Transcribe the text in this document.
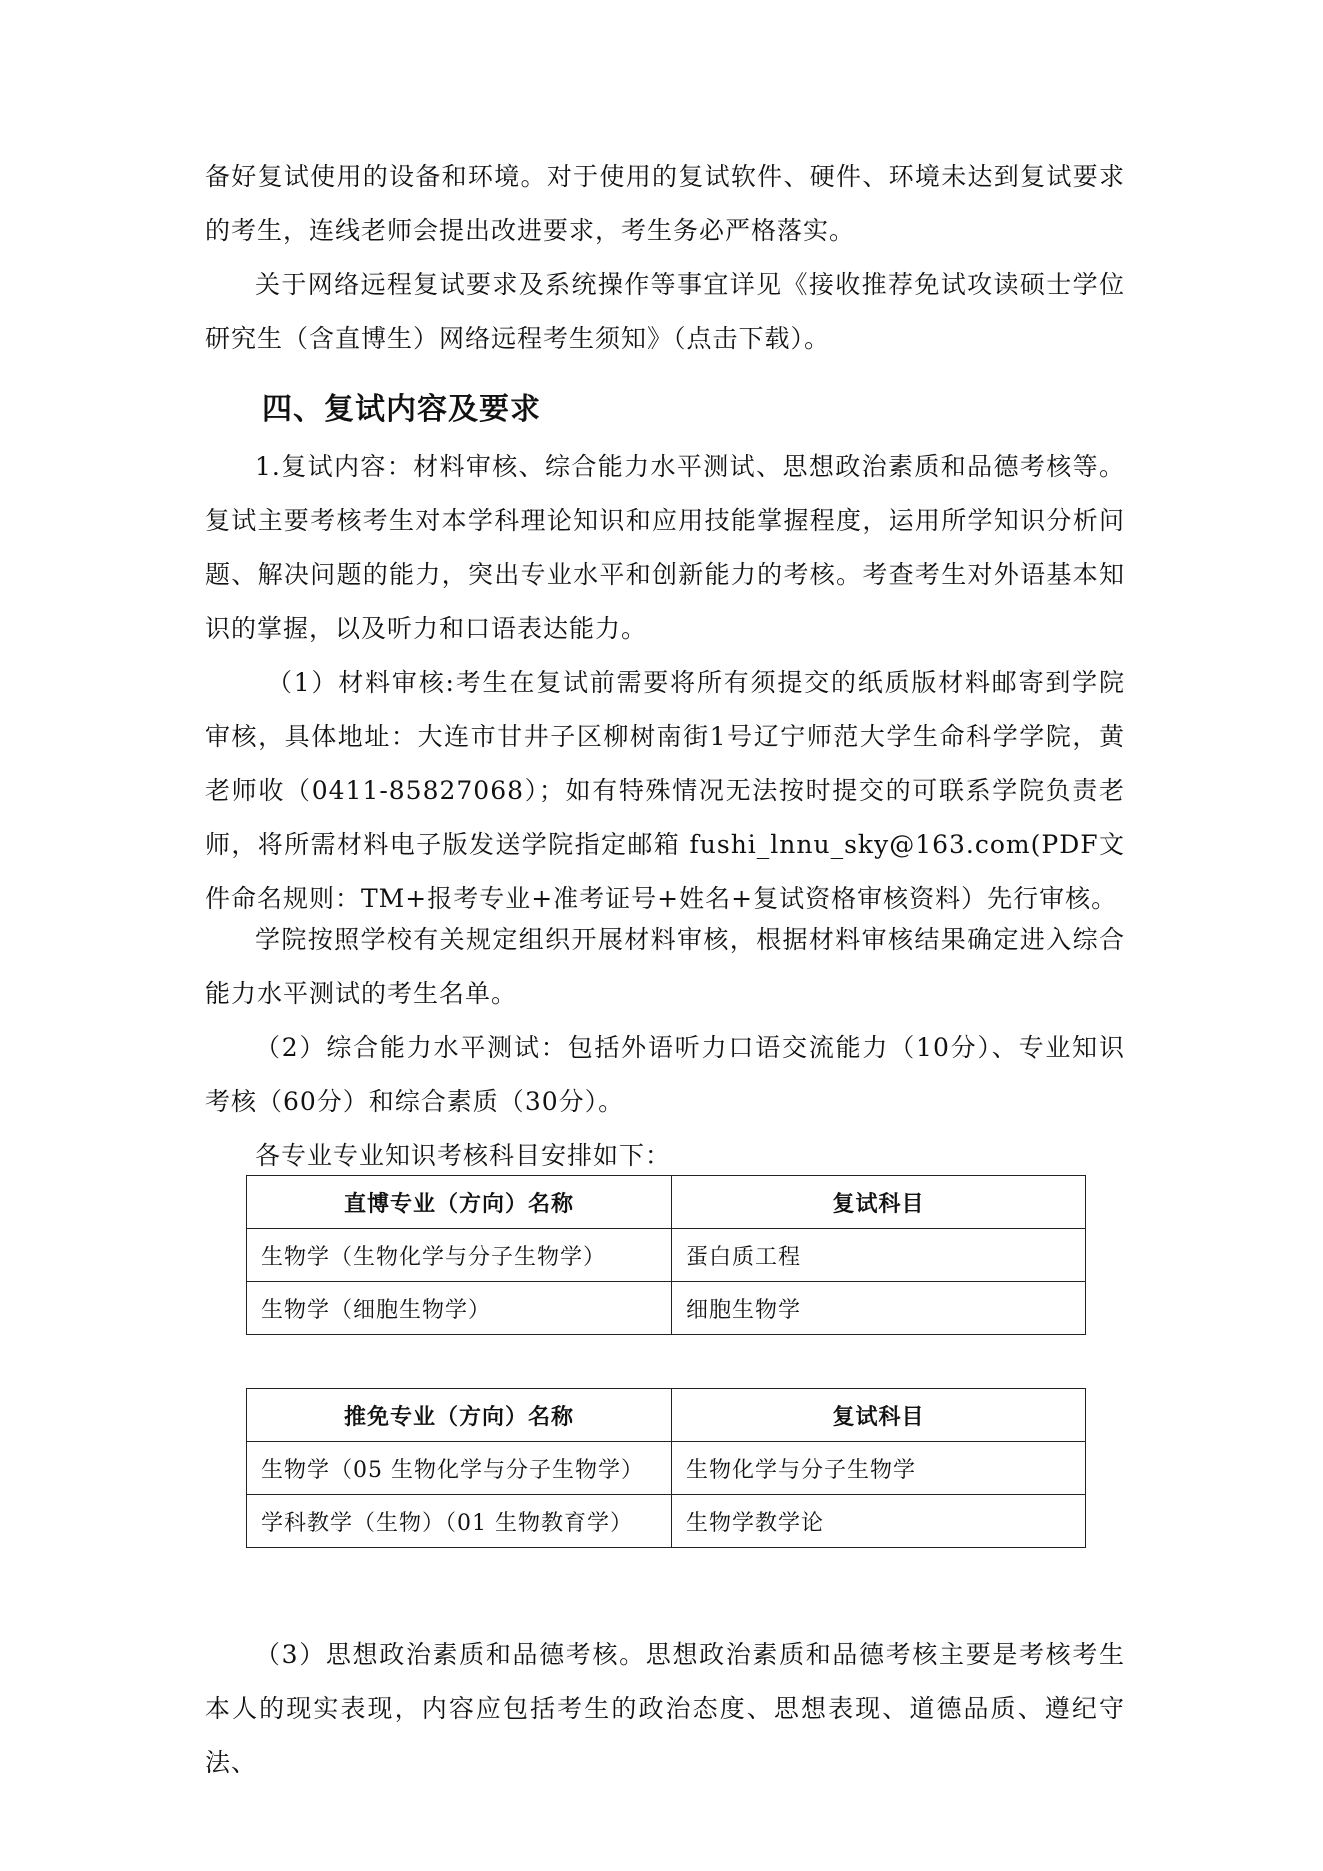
备好复试使用的设备和环境。对于使用的复试软件、硬件、环境未达到复试要求的考生，连线老师会提出改进要求，考生务必严格落实。

关于网络远程复试要求及系统操作等事宜详见《接收推荐免试攻读硕士学位研究生（含直博生）网络远程考生须知》（点击下载）。

四、复试内容及要求

1.复试内容：材料审核、综合能力水平测试、思想政治素质和品德考核等。复试主要考核考生对本学科理论知识和应用技能掌握程度，运用所学知识分析问题、解决问题的能力，突出专业水平和创新能力的考核。考查考生对外语基本知识的掌握，以及听力和口语表达能力。

（1）材料审核:考生在复试前需要将所有须提交的纸质版材料邮寄到学院审核，具体地址：大连市甘井子区柳树南街1号辽宁师范大学生命科学学院，黄老师收（0411-85827068）；如有特殊情况无法按时提交的可联系学院负责老师，将所需材料电子版发送学院指定邮箱 fushi_lnnu_sky@163.com(PDF文件命名规则：TM+报考专业+准考证号+姓名+复试资格审核资料）先行审核。

学院按照学校有关规定组织开展材料审核，根据材料审核结果确定进入综合能力水平测试的考生名单。

（2）综合能力水平测试：包括外语听力口语交流能力（10分）、专业知识考核（60分）和综合素质（30分）。

各专业专业知识考核科目安排如下：

直博专业（方向）名称	复试科目
生物学（生物化学与分子生物学）	蛋白质工程
生物学（细胞生物学）	细胞生物学
推免专业（方向）名称	复试科目
生物学（05 生物化学与分子生物学）	生物化学与分子生物学
学科教学（生物）（01 生物教育学）	生物学教学论

（3）思想政治素质和品德考核。思想政治素质和品德考核主要是考核考生本人的现实表现，内容应包括考生的政治态度、思想表现、道德品质、遵纪守法、
